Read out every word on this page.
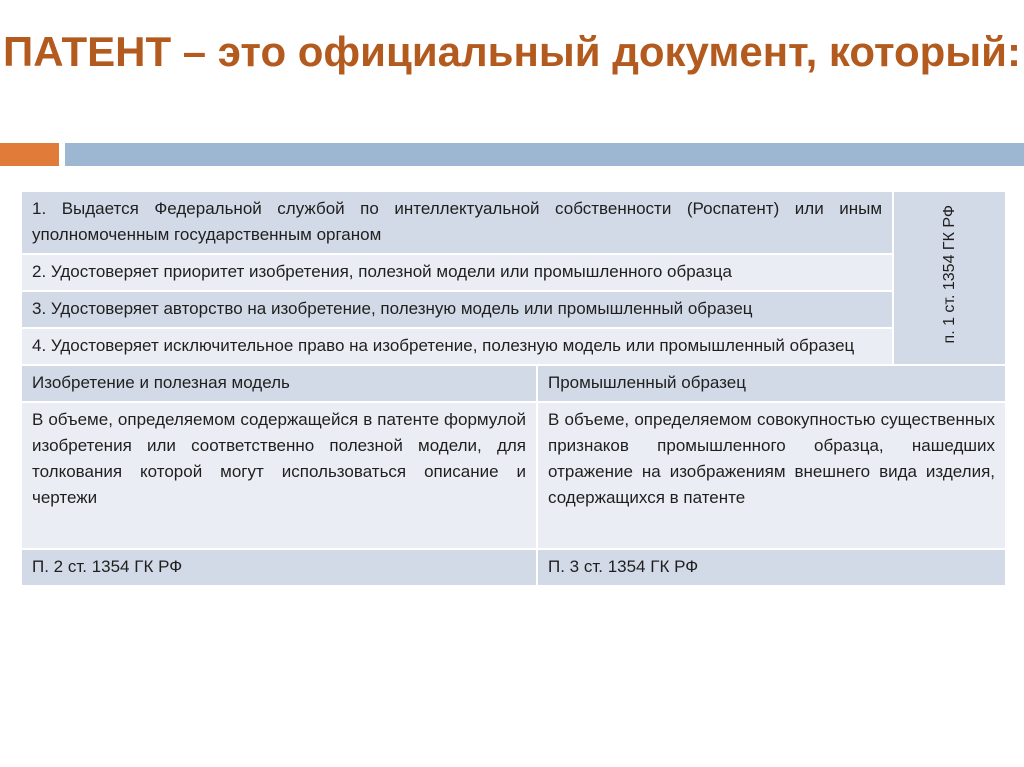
ПАТЕНТ – это официальный документ, который:
1. Выдается Федеральной службой по интеллектуальной собственности (Роспатент) или иным уполномоченным государственным органом		п. 1 ст. 1354 ГК РФ
2. Удостоверяет приоритет изобретения, полезной модели или промышленного образца		
3. Удостоверяет авторство на изобретение, полезную модель или промышленный образец		
4. Удостоверяет исключительное право на изобретение, полезную модель или промышленный образец		
Изобретение и полезная модель	Промышленный образец	
В объеме, определяемом содержащейся в патенте формулой изобретения или соответственно полезной модели, для толкования которой могут использоваться описание и чертежи	В объеме, определяемом совокупностью существенных признаков промышленного образца, нашедших отражение на изображениям внешнего вида изделия, содержащихся в патенте	
П. 2 ст. 1354 ГК РФ	П. 3 ст. 1354 ГК РФ	
